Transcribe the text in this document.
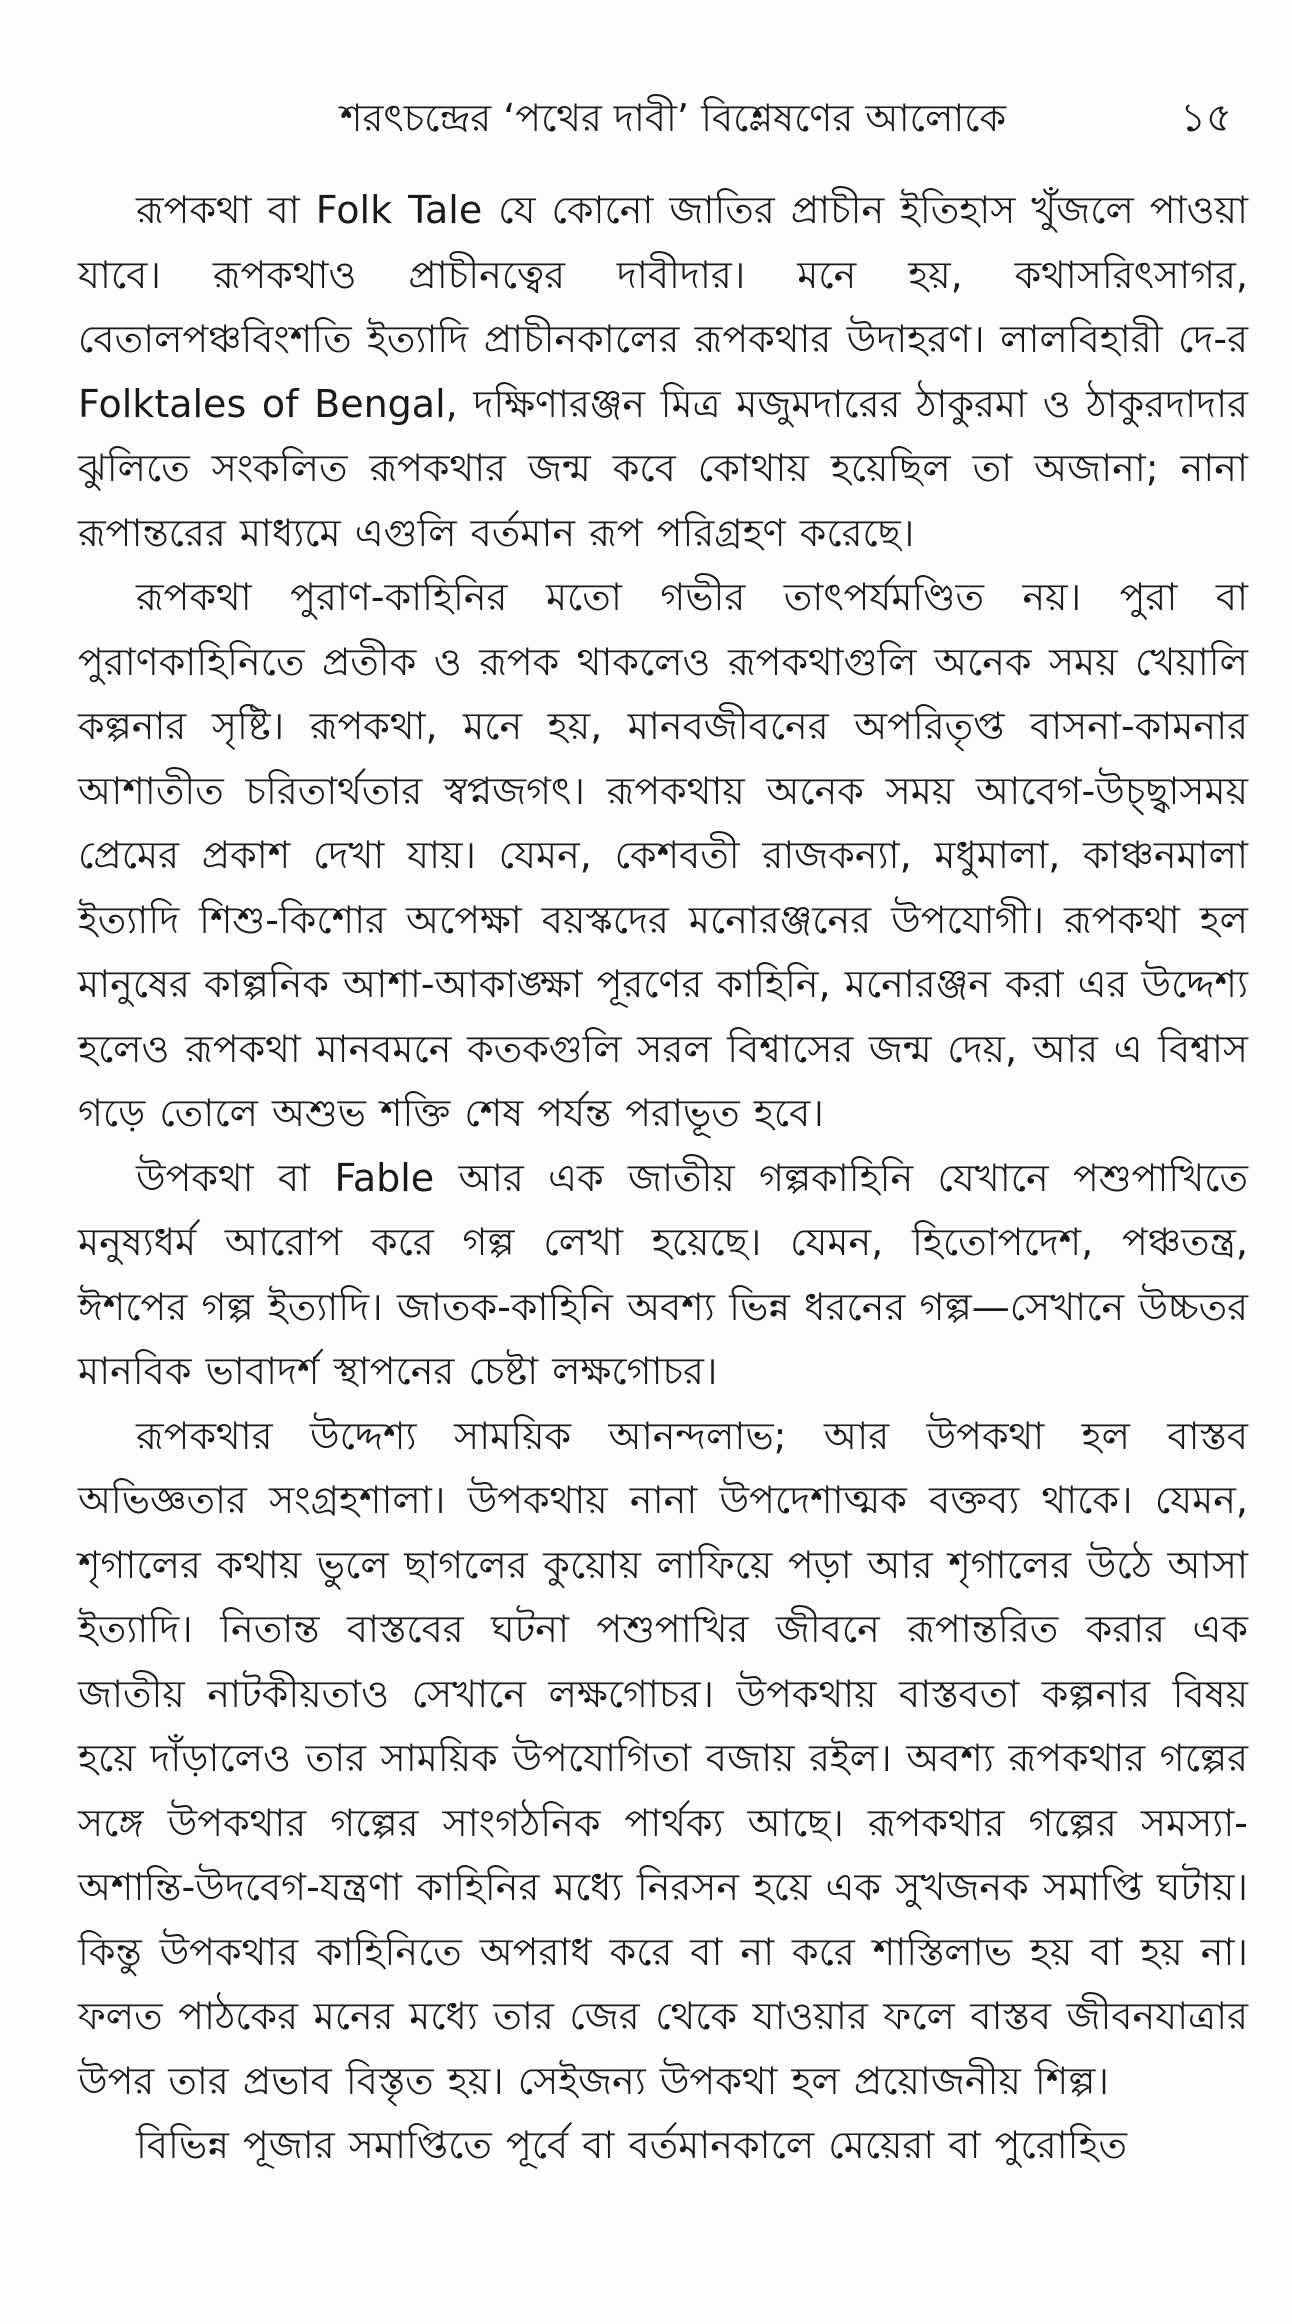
শরৎচন্দ্রের ‘পথের দাবী’ বিশ্লেষণের আলোকে	১৫

রূপকথা বা Folk Tale যে কোনো জাতির প্রাচীন ইতিহাস খুঁজলে পাওয়া যাবে। রূপকথাও প্রাচীনত্বের দাবীদার। মনে হয়, কথাসরিৎসাগর, বেতালপঞ্চবিংশতি ইত্যাদি প্রাচীনকালের রূপকথার উদাহরণ। লালবিহারী দে-র Folktales of Bengal, দক্ষিণারঞ্জন মিত্র মজুমদারের ঠাকুরমা ও ঠাকুরদাদার ঝুলিতে সংকলিত রূপকথার জন্ম কবে কোথায় হয়েছিল তা অজানা; নানা রূপান্তরের মাধ্যমে এগুলি বর্তমান রূপ পরিগ্রহণ করেছে।

রূপকথা পুরাণ-কাহিনির মতো গভীর তাৎপর্যমণ্ডিত নয়। পুরা বা পুরাণকাহিনিতে প্রতীক ও রূপক থাকলেও রূপকথাগুলি অনেক সময় খেয়ালি কল্পনার সৃষ্টি। রূপকথা, মনে হয়, মানবজীবনের অপরিতৃপ্ত বাসনা-কামনার আশাতীত চরিতার্থতার স্বপ্নজগৎ। রূপকথায় অনেক সময় আবেগ-উচ্ছ্বাসময় প্রেমের প্রকাশ দেখা যায়। যেমন, কেশবতী রাজকন্যা, মধুমালা, কাঞ্চনমালা ইত্যাদি শিশু-কিশোর অপেক্ষা বয়স্কদের মনোরঞ্জনের উপযোগী। রূপকথা হল মানুষের কাল্পনিক আশা-আকাঙ্ক্ষা পূরণের কাহিনি, মনোরঞ্জন করা এর উদ্দেশ্য হলেও রূপকথা মানবমনে কতকগুলি সরল বিশ্বাসের জন্ম দেয়, আর এ বিশ্বাস গড়ে তোলে অশুভ শক্তি শেষ পর্যন্ত পরাভূত হবে।

উপকথা বা Fable আর এক জাতীয় গল্পকাহিনি যেখানে পশুপাখিতে মনুষ্যধর্ম আরোপ করে গল্প লেখা হয়েছে। যেমন, হিতোপদেশ, পঞ্চতন্ত্র, ঈশপের গল্প ইত্যাদি। জাতক-কাহিনি অবশ্য ভিন্ন ধরনের গল্প—সেখানে উচ্চতর মানবিক ভাবাদর্শ স্থাপনের চেষ্টা লক্ষগোচর।

রূপকথার উদ্দেশ্য সাময়িক আনন্দলাভ; আর উপকথা হল বাস্তব অভিজ্ঞতার সংগ্রহশালা। উপকথায় নানা উপদেশাত্মক বক্তব্য থাকে। যেমন, শৃগালের কথায় ভুলে ছাগলের কুয়োয় লাফিয়ে পড়া আর শৃগালের উঠে আসা ইত্যাদি। নিতান্ত বাস্তবের ঘটনা পশুপাখির জীবনে রূপান্তরিত করার এক জাতীয় নাটকীয়তাও সেখানে লক্ষগোচর। উপকথায় বাস্তবতা কল্পনার বিষয় হয়ে দাঁড়ালেও তার সাময়িক উপযোগিতা বজায় রইল। অবশ্য রূপকথার গল্পের সঙ্গে উপকথার গল্পের সাংগঠনিক পার্থক্য আছে। রূপকথার গল্পের সমস্যা-অশান্তি-উদবেগ-যন্ত্রণা কাহিনির মধ্যে নিরসন হয়ে এক সুখজনক সমাপ্তি ঘটায়। কিন্তু উপকথার কাহিনিতে অপরাধ করে বা না করে শাস্তিলাভ হয় বা হয় না। ফলত পাঠকের মনের মধ্যে তার জের থেকে যাওয়ার ফলে বাস্তব জীবনযাত্রার উপর তার প্রভাব বিস্তৃত হয়। সেইজন্য উপকথা হল প্রয়োজনীয় শিল্প।

বিভিন্ন পূজার সমাপ্তিতে পূর্বে বা বর্তমানকালে মেয়েরা বা পুরোহিত
